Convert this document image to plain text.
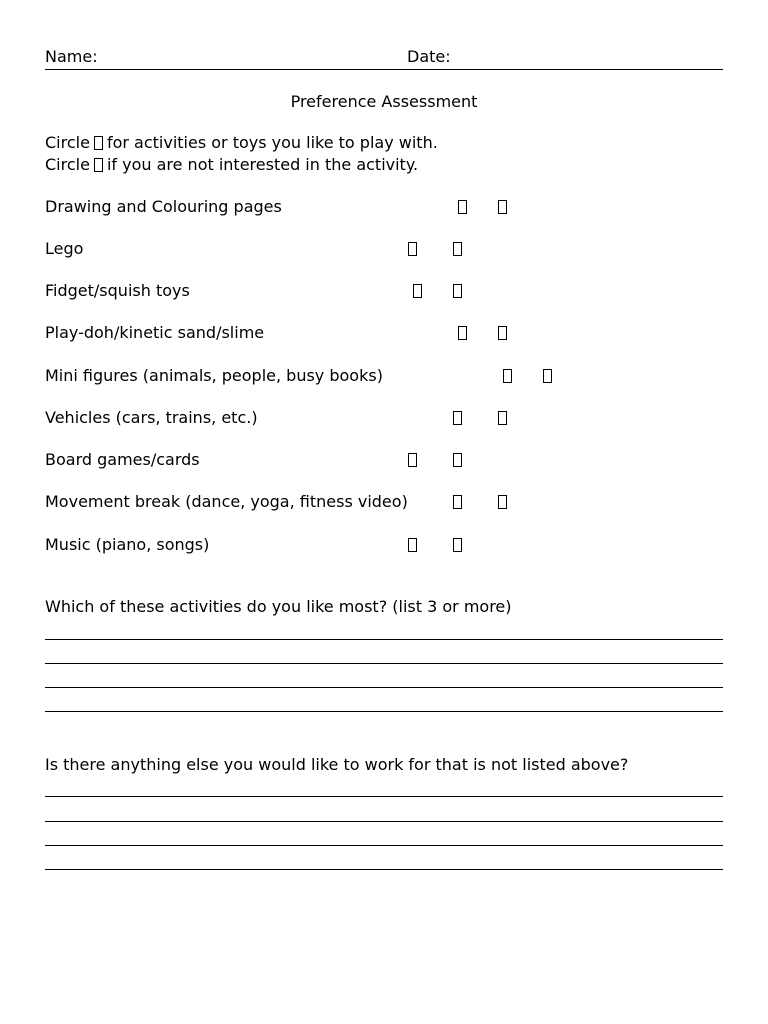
Name:	Date:
Preference Assessment
Circle for activities or toys you like to play with.
Circle if you are not interested in the activity.
Drawing and Colouring pages
Lego
Fidget/squish toys
Play-doh/kinetic sand/slime
Mini figures (animals, people, busy books)
Vehicles (cars, trains, etc.)
Board games/cards
Movement break (dance, yoga, fitness video)
Music (piano, songs)
Which of these activities do you like most? (list 3 or more)
Is there anything else you would like to work for that is not listed above?
